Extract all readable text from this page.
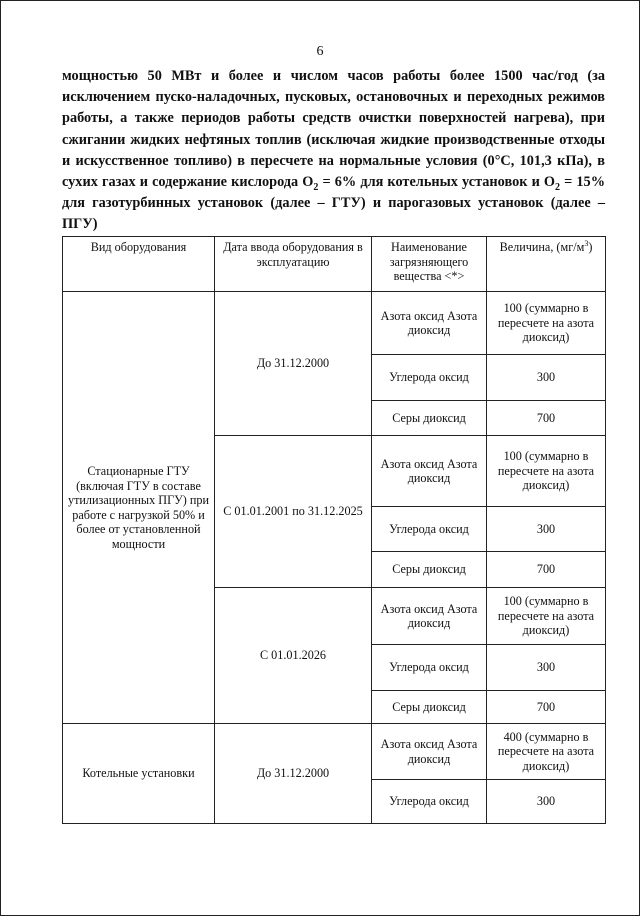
6
мощностью 50 МВт и более и числом часов работы более 1500 час/год (за исключением пуско-наладочных, пусковых, остановочных и переходных режимов работы, а также периодов работы средств очистки поверхностей нагрева), при сжигании жидких нефтяных топлив (исключая жидкие производственные отходы и искусственное топливо) в пересчете на нормальные условия (0°C, 101,3 кПа), в сухих газах и содержание кислорода $O_2 = 6\%$ для котельных установок и $O_2 = 15\%$ для газотурбинных установок (далее – ГТУ) и парогазовых установок (далее – ПГУ)
Вид оборудования	Дата ввода оборудования в эксплуатацию	Наименование загрязняющего вещества <*>	Величина, $(мг/м^3)$
Стационарные ГТУ (включая ГТУ в составе утилизационных ПГУ) при работе с нагрузкой 50% и более от установленной мощности	До 31.12.2000	Азота оксид Азота диоксид	100 (суммарно в пересчете на азота диоксид)
		Углерода оксид	300
		Серы диоксид	700
	С 01.01.2001 по 31.12.2025	Азота оксид Азота диоксид	100 (суммарно в пересчете на азота диоксид)
		Углерода оксид	300
		Серы диоксид	700
	С 01.01.2026	Азота оксид Азота диоксид	100 (суммарно в пересчете на азота диоксид)
		Углерода оксид	300
		Серы диоксид	700
Котельные установки	До 31.12.2000	Азота оксид Азота диоксид	400 (суммарно в пересчете на азота диоксид)
		Углерода оксид	300
